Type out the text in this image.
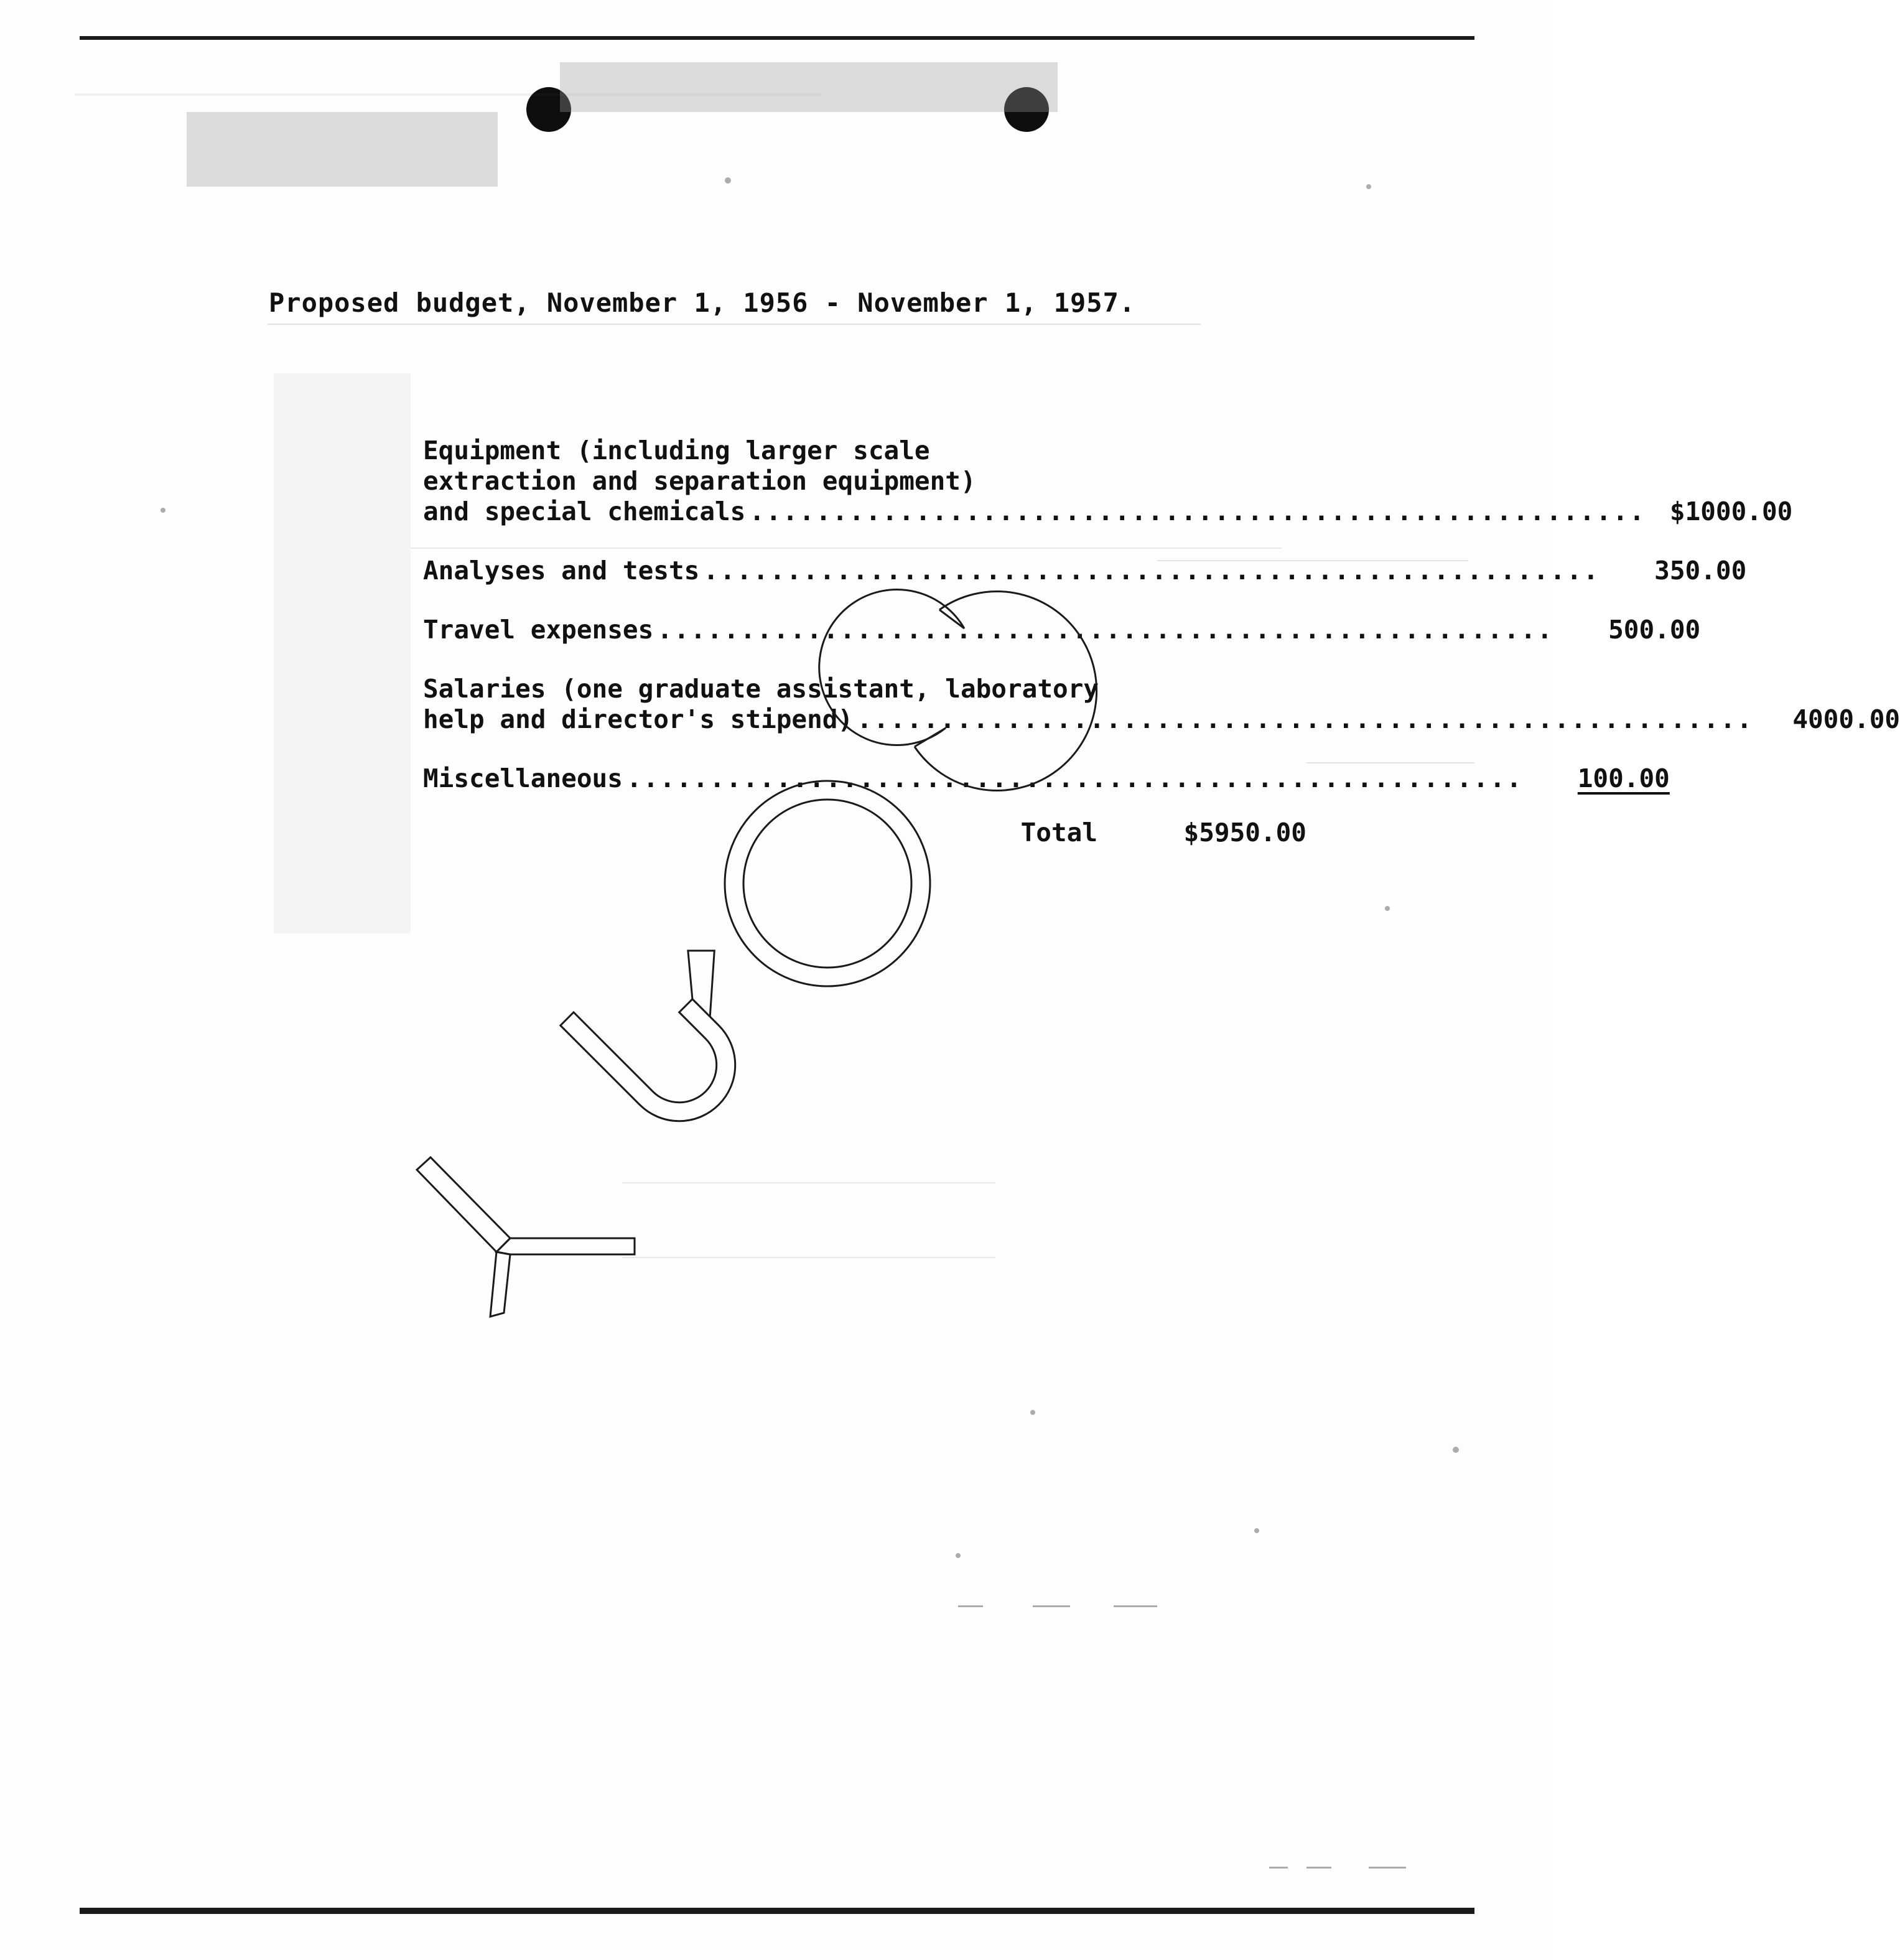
Proposed budget, November 1, 1956 - November 1, 1957.
Equipment (including larger scale
extraction and separation equipment)
and special chemicals ...................................................... $1000.00
Analyses and tests ......................................................	350.00
Travel expenses ......................................................	500.00
Salaries (one graduate assistant, laboratory
help and director's stipend) ......................................................	4000.00
Miscellaneous ......................................................	100.00
Total	$5950.00
